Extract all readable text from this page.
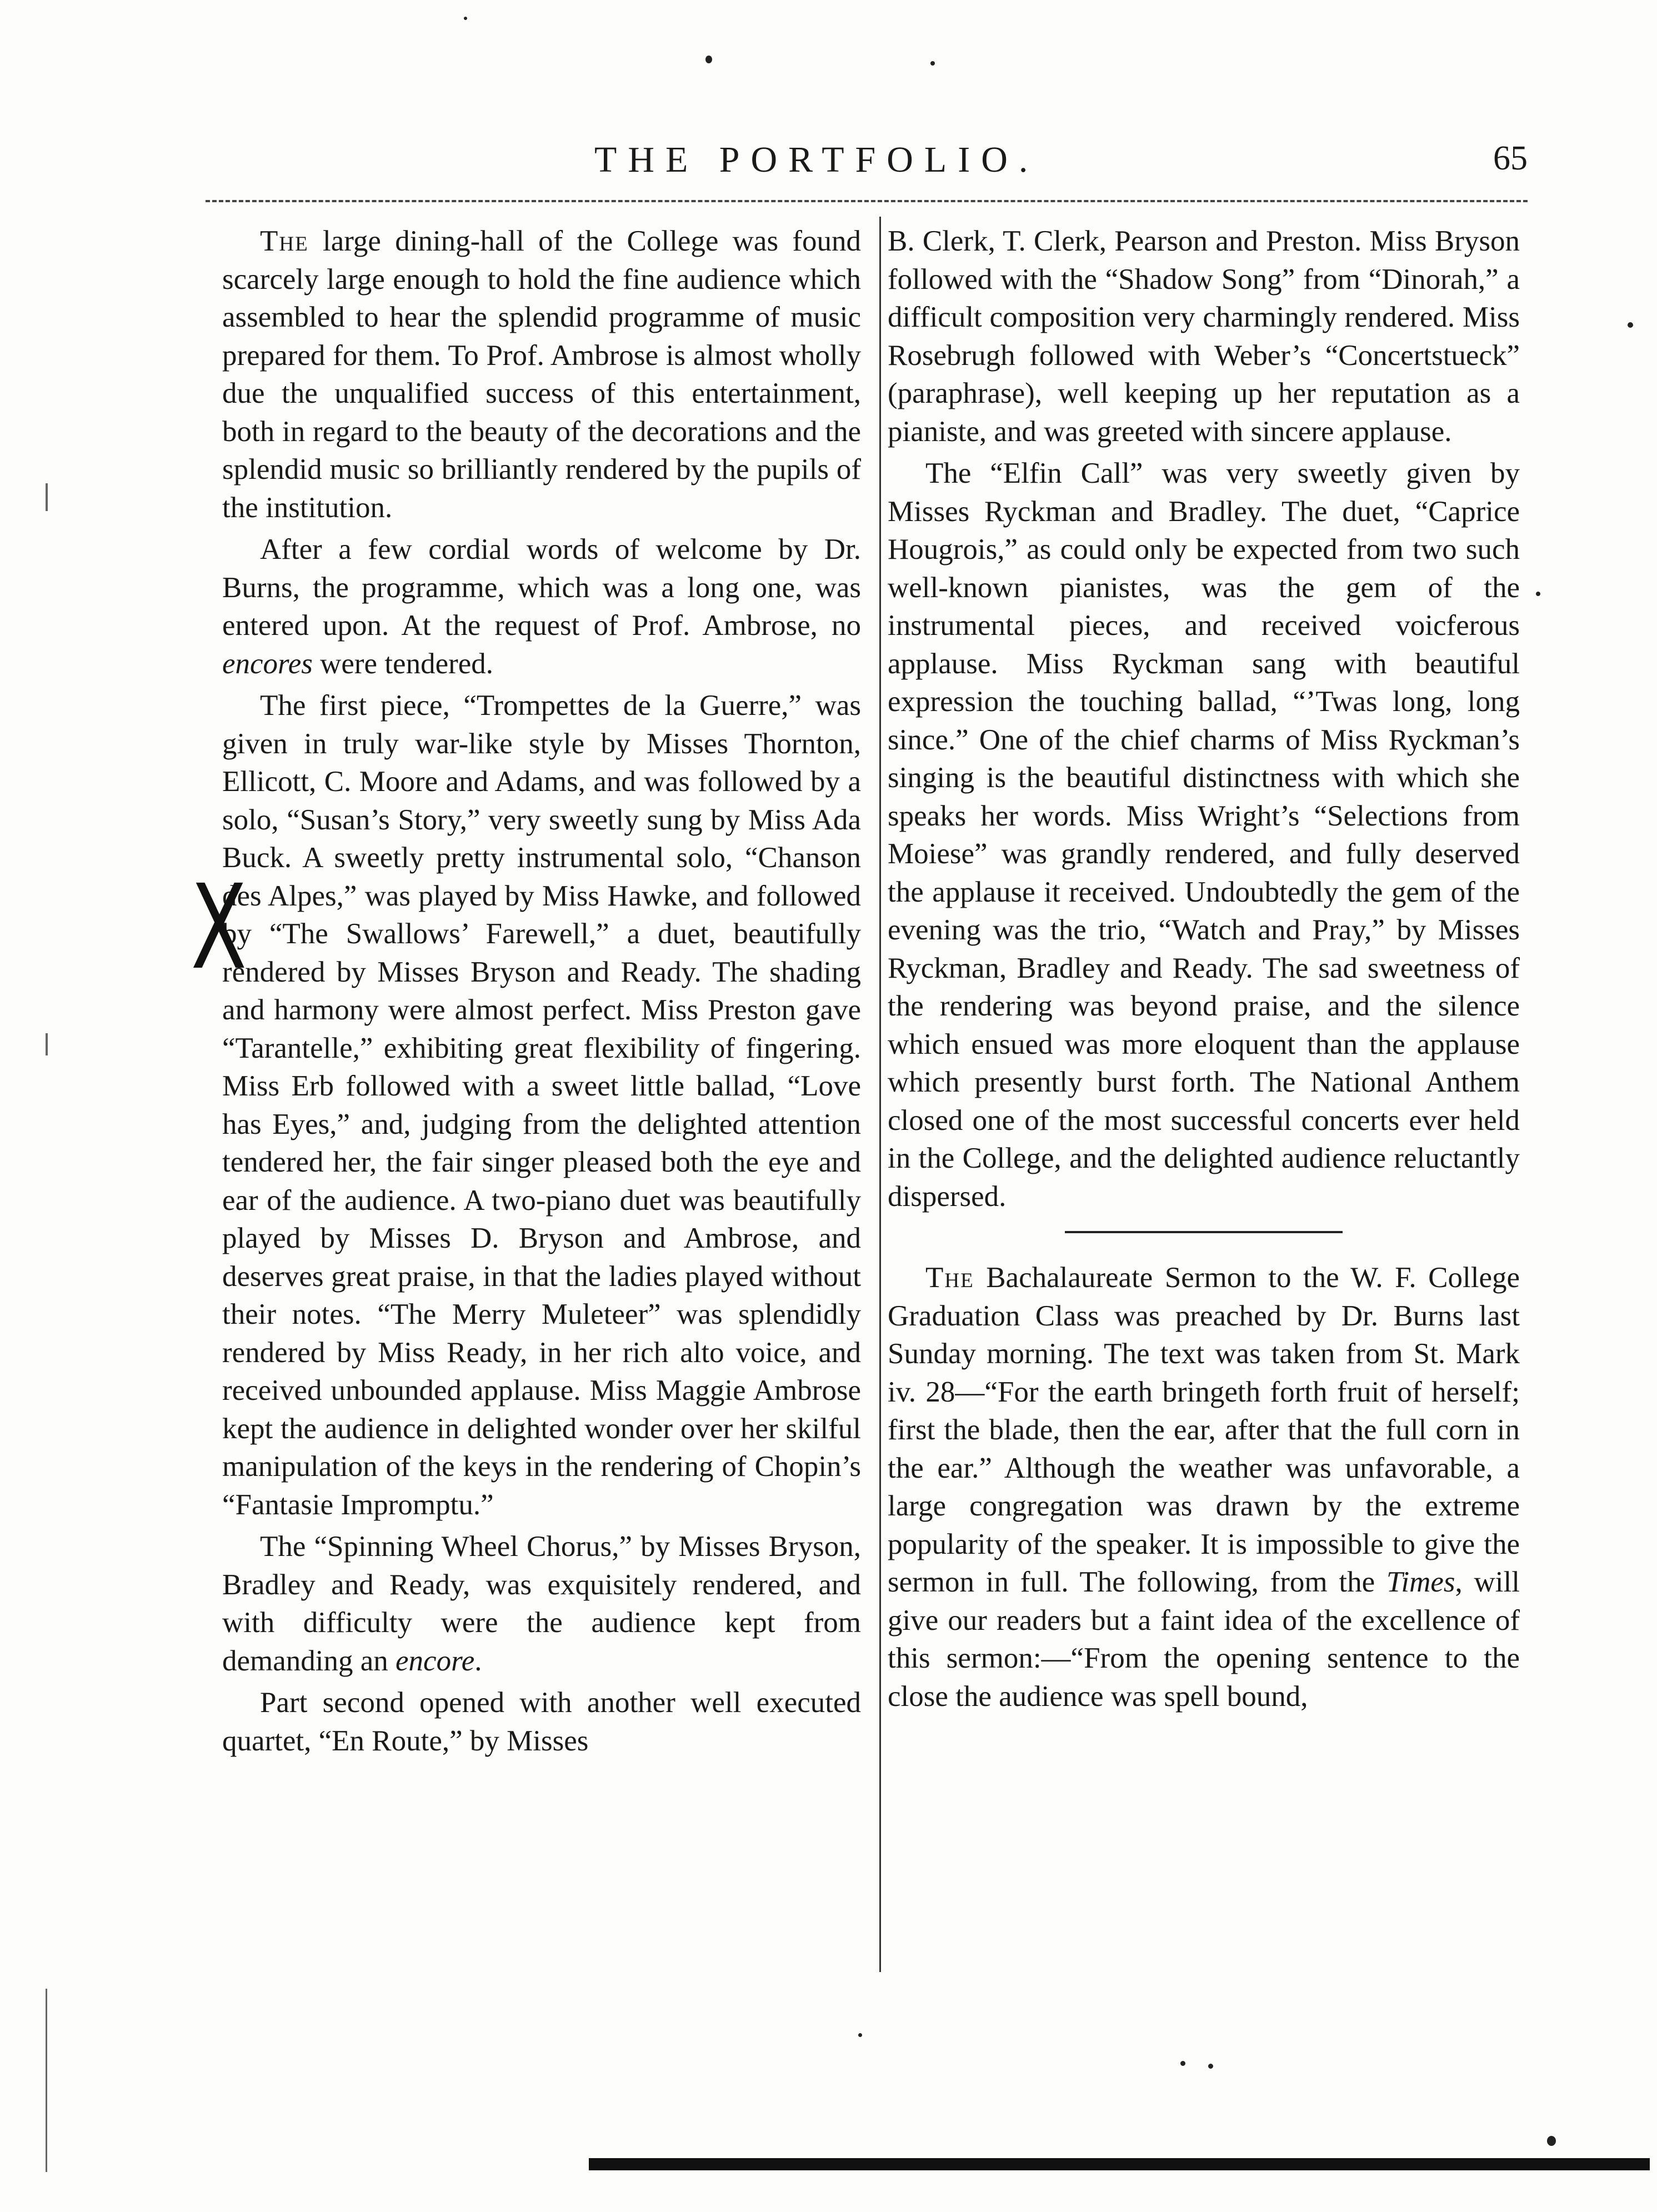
THE PORTFOLIO.	65

The large dining-hall of the College was found scarcely large enough to hold the fine audience which assembled to hear the splendid programme of music prepared for them. To Prof. Ambrose is almost wholly due the unqualified success of this entertainment, both in regard to the beauty of the decorations and the splendid music so brilliantly rendered by the pupils of the institution.

After a few cordial words of welcome by Dr. Burns, the programme, which was a long one, was entered upon. At the request of Prof. Ambrose, no encores were tendered.

The first piece, “Trompettes de la Guerre,” was given in truly war-like style by Misses Thornton, Ellicott, C. Moore and Adams, and was followed by a solo, “Susan’s Story,” very sweetly sung by Miss Ada Buck. A sweetly pretty instrumental solo, “Chanson des Alpes,” was played by Miss Hawke, and followed by “The Swallows’ Farewell,” a duet, beautifully rendered by Misses Bryson and Ready. The shading and harmony were almost perfect. Miss Preston gave “Tarantelle,” exhibiting great flexibility of fingering. Miss Erb followed with a sweet little ballad, “Love has Eyes,” and, judging from the delighted attention tendered her, the fair singer pleased both the eye and ear of the audience. A two-piano duet was beautifully played by Misses D. Bryson and Ambrose, and deserves great praise, in that the ladies played without their notes. “The Merry Muleteer” was splendidly rendered by Miss Ready, in her rich alto voice, and received unbounded applause. Miss Maggie Ambrose kept the audience in delighted wonder over her skilful manipulation of the keys in the rendering of Chopin’s “Fantasie Impromptu.”

The “Spinning Wheel Chorus,” by Misses Bryson, Bradley and Ready, was exquisitely rendered, and with difficulty were the audience kept from demanding an encore.

Part second opened with another well executed quartet, “En Route,” by Misses

B. Clerk, T. Clerk, Pearson and Preston. Miss Bryson followed with the “Shadow Song” from “Dinorah,” a difficult composition very charmingly rendered. Miss Rosebrugh followed with Weber’s “Concertstueck” (paraphrase), well keeping up her reputation as a pianiste, and was greeted with sincere applause.

The “Elfin Call” was very sweetly given by Misses Ryckman and Bradley. The duet, “Caprice Hougrois,” as could only be expected from two such well-known pianistes, was the gem of the instrumental pieces, and received voicferous applause. Miss Ryckman sang with beautiful expression the touching ballad, “’Twas long, long since.” One of the chief charms of Miss Ryckman’s singing is the beautiful distinctness with which she speaks her words. Miss Wright’s “Selections from Moiese” was grandly rendered, and fully deserved the applause it received. Undoubtedly the gem of the evening was the trio, “Watch and Pray,” by Misses Ryckman, Bradley and Ready. The sad sweetness of the rendering was beyond praise, and the silence which ensued was more eloquent than the applause which presently burst forth. The National Anthem closed one of the most successful concerts ever held in the College, and the delighted audience reluctantly dispersed.

The Bachalaureate Sermon to the W. F. College Graduation Class was preached by Dr. Burns last Sunday morning. The text was taken from St. Mark iv. 28—“For the earth bringeth forth fruit of herself; first the blade, then the ear, after that the full corn in the ear.” Although the weather was unfavorable, a large congregation was drawn by the extreme popularity of the speaker. It is impossible to give the sermon in full. The following, from the Times, will give our readers but a faint idea of the excellence of this sermon:—“From the opening sentence to the close the audience was spell bound,

X
